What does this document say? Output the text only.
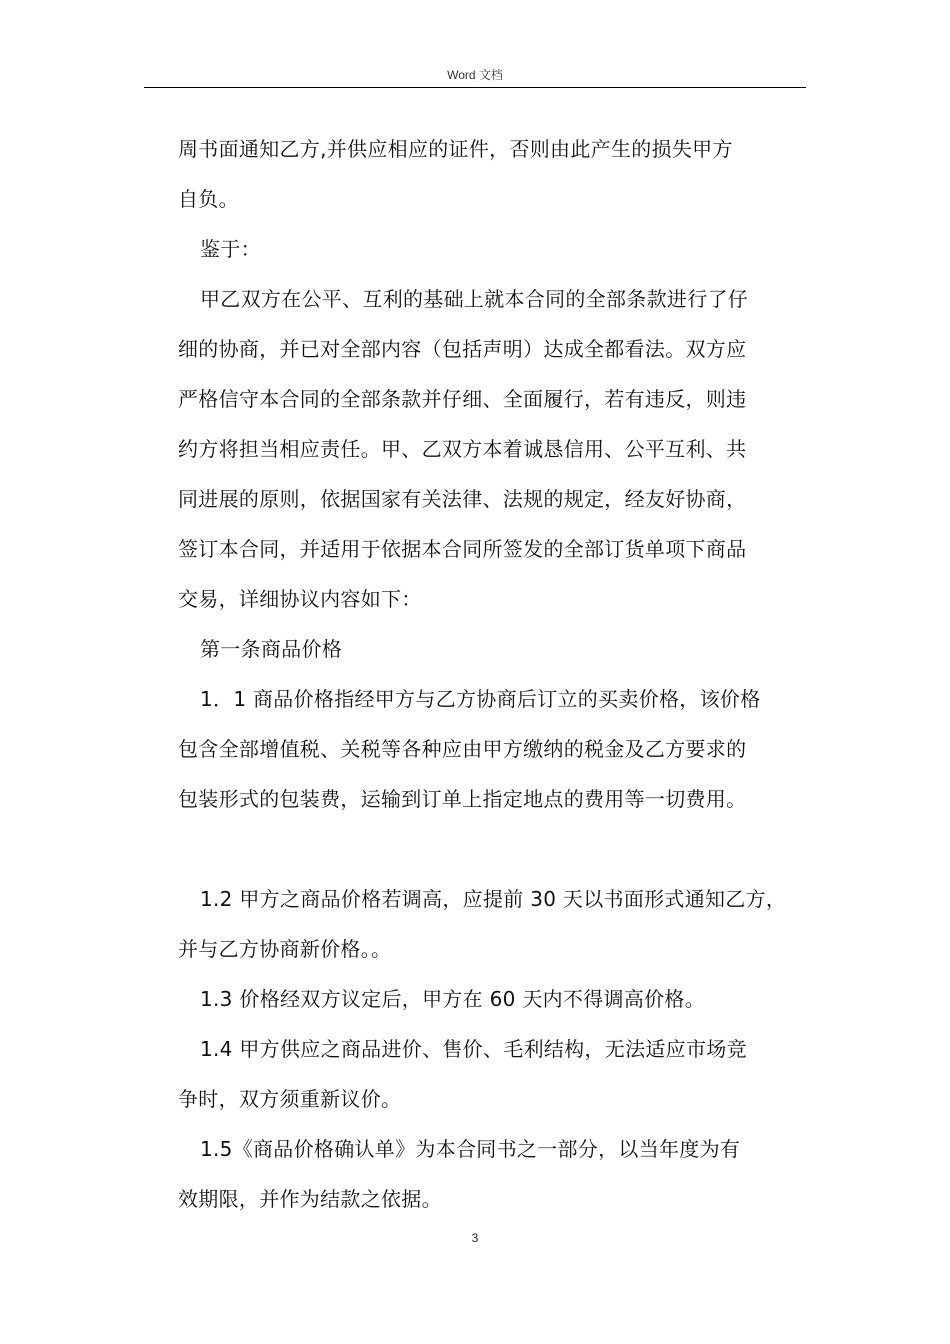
Word 文档

周书面通知乙方,并供应相应的证件，否则由此产生的损失甲方

自负。

鉴于：

甲乙双方在公平、互利的基础上就本合同的全部条款进行了仔

细的协商，并已对全部内容（包括声明）达成全都看法。双方应

严格信守本合同的全部条款并仔细、全面履行，若有违反，则违

约方将担当相应责任。甲、乙双方本着诚恳信用、公平互利、共

同进展的原则，依据国家有关法律、法规的规定，经友好协商，

签订本合同，并适用于依据本合同所签发的全部订货单项下商品

交易，详细协议内容如下：

第一条商品价格

1．1 商品价格指经甲方与乙方协商后订立的买卖价格，该价格

包含全部增值税、关税等各种应由甲方缴纳的税金及乙方要求的

包装形式的包装费，运输到订单上指定地点的费用等一切费用。

1.2 甲方之商品价格若调高，应提前 30 天以书面形式通知乙方，

并与乙方协商新价格。。

1.3 价格经双方议定后，甲方在 60 天内不得调高价格。

1.4 甲方供应之商品进价、售价、毛利结构，无法适应市场竞

争时，双方须重新议价。

1.5《商品价格确认单》为本合同书之一部分，以当年度为有

效期限，并作为结款之依据。

3
